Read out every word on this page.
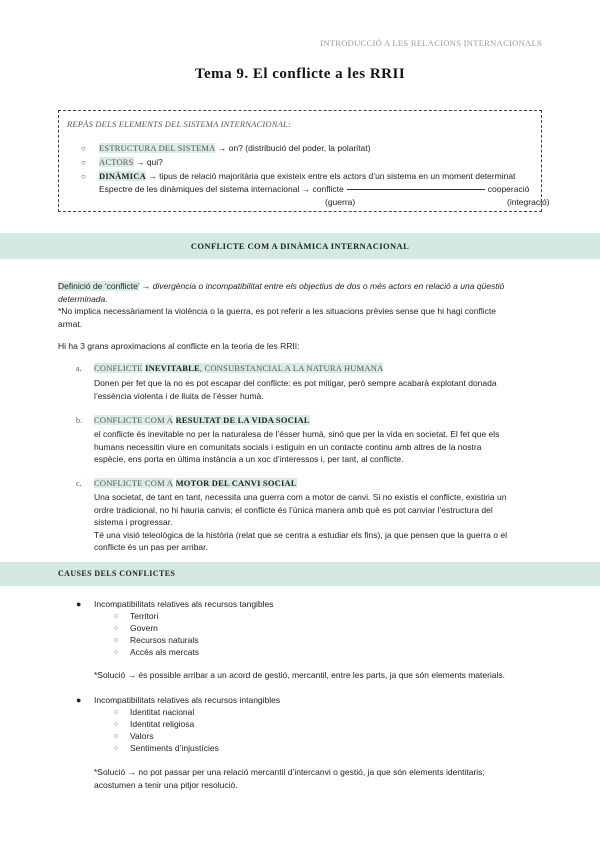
INTRODUCCIÓ A LES RELACIONS INTERNACIONALS
Tema 9. El conflicte a les RRII
REPÀS DELS ELEMENTS DEL SISTEMA INTERNACIONAL:
○ ESTRUCTURA DEL SISTEMA → on? (distribució del poder, la polaritat)
○ ACTORS → qui?
○ DINÀMICA → tipus de relació majoritària que existeix entre els actors d’un sistema en un moment determinat
Espectre de les dinàmiques del sistema internacional → conflicte	cooperació
(guerra)	(integració)
CONFLICTE COM A DINÀMICA INTERNACIONAL
Definició de ‘conflicte’ → divergència o incompatibilitat entre els objectius de dos o més actors en relació a una qüestió
determinada.
*No implica necessàriament la violència o la guerra, es pot referir a les situacions prèvies sense que hi hagi conflicte
armat.
Hi ha 3 grans aproximacions al conflicte en la teoria de les RRII:
a. CONFLICTE INEVITABLE, CONSUBSTANCIAL A LA NATURA HUMANA
Donen per fet que la no es pot escapar del conflicte: es pot mitigar, però sempre acabarà explotant donada
l’essència violenta i de lluita de l’ésser humà.
b. CONFLICTE COM A RESULTAT DE LA VIDA SOCIAL
el conflicte és inevitable no per la naturalesa de l’ésser humà, sinó que per la vida en societat. El fet que els
humans necessitin viure en comunitats socials i estiguin en un contacte continu amb altres de la nostra
espècie, ens porta en última instància a un xoc d’interessos i, per tant, al conflicte.
c. CONFLICTE COM A MOTOR DEL CANVI SOCIAL
Una societat, de tant en tant, necessita una guerra com a motor de canvi. Si no existís el conflicte, existiria un
ordre tradicional, no hi hauria canvis; el conflicte és l’única manera amb què es pot canviar l’estructura del
sistema i progressar.
Té una visió teleològica de la història (relat que se centra a estudiar els fins), ja que pensen que la guerra o el
conflicte és un pas per arribar.
CAUSES DELS CONFLICTES
● Incompatibilitats relatives als recursos tangibles
○ Territori
○ Govern
○ Recursos naturals
○ Accés als mercats
*Solució → és possible arribar a un acord de gestió, mercantil, entre les parts, ja que són elements materials.
● Incompatibilitats relatives als recursos intangibles
○ Identitat nacional
○ Identitat religiosa
○ Valors
○ Sentiments d’injustícies
*Solució → no pot passar per una relació mercantil d’intercanvi o gestió, ja que són elements identitaris;
acostumen a tenir una pitjor resolució.
